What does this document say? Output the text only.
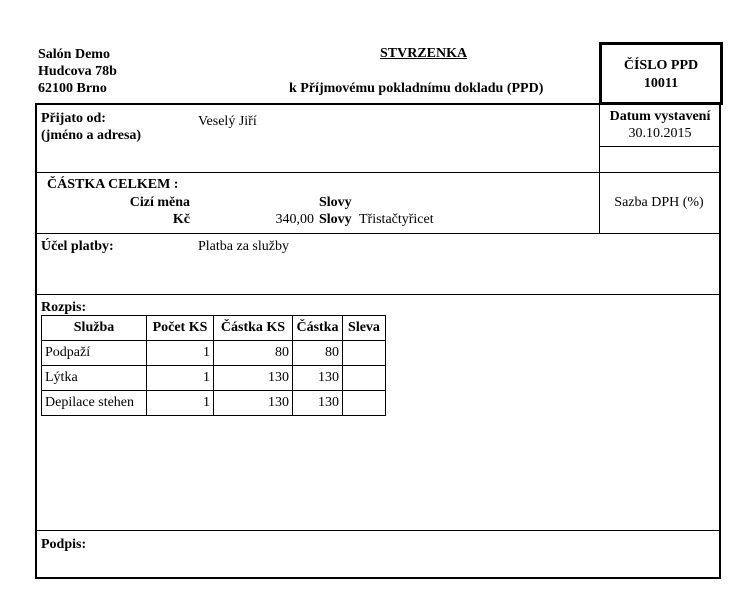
Salón Demo
Hudcova 78b
62100 Brno
STVRZENKA
k Příjmovému pokladnímu dokladu (PPD)
ČÍSLO PPD
10011
Přijato od:
(jméno a adresa)
Veselý Jiří	Datum vystavení
30.10.2015
ČÁSTKA CELKEM :
Cizí měna	Slovy
Kč	340,00 Slovy Třistačtyřicet
Sazba DPH (%)
Účel platby:	Platba za služby
Rozpis:
Služba	Počet KS	Částka KS	Částka	Sleva
Podpaží	1	80	80	
Lýtka	1	130	130	
Depilace stehen	1	130	130	
Podpis:
